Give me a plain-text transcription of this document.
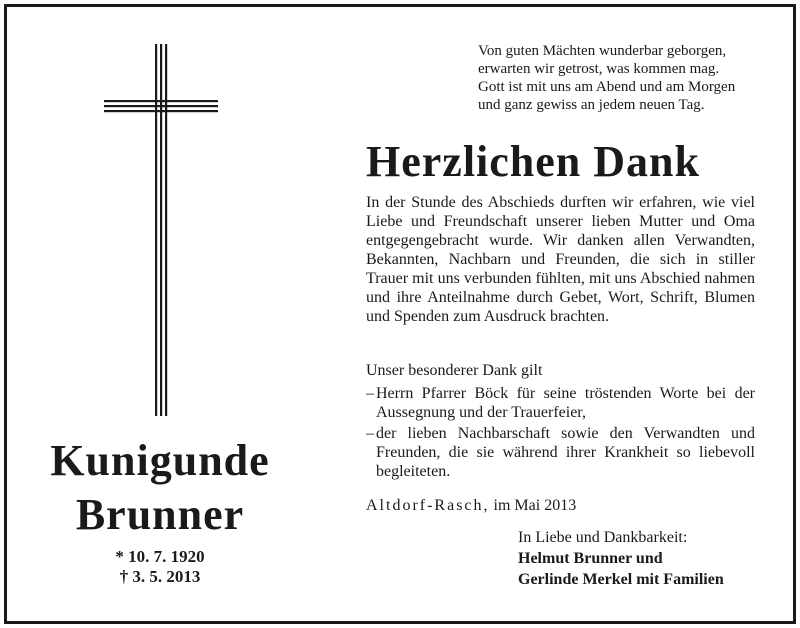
Kunigunde
Brunner
* 10. 7. 1920
† 3. 5. 2013
Von guten Mächten wunderbar geborgen,
erwarten wir getrost, was kommen mag.
Gott ist mit uns am Abend und am Morgen
und ganz gewiss an jedem neuen Tag.
Herzlichen Dank
In der Stunde des Abschieds durften wir erfahren, wie viel Liebe und Freundschaft unserer lieben Mutter und Oma entgegengebracht wurde. Wir danken allen Verwandten, Bekannten, Nachbarn und Freunden, die sich in stiller Trauer mit uns verbunden fühlten, mit uns Abschied nahmen und ihre Anteilnahme durch Gebet, Wort, Schrift, Blumen und Spenden zum Ausdruck brachten.
Unser besonderer Dank gilt
– Herrn Pfarrer Böck für seine tröstenden Worte bei der Aussegnung und der Trauerfeier,
– der lieben Nachbarschaft sowie den Verwandten und Freunden, die sie während ihrer Krankheit so liebevoll begleiteten.
Altdorf-Rasch, im Mai 2013
In Liebe und Dankbarkeit:
Helmut Brunner und
Gerlinde Merkel mit Familien
